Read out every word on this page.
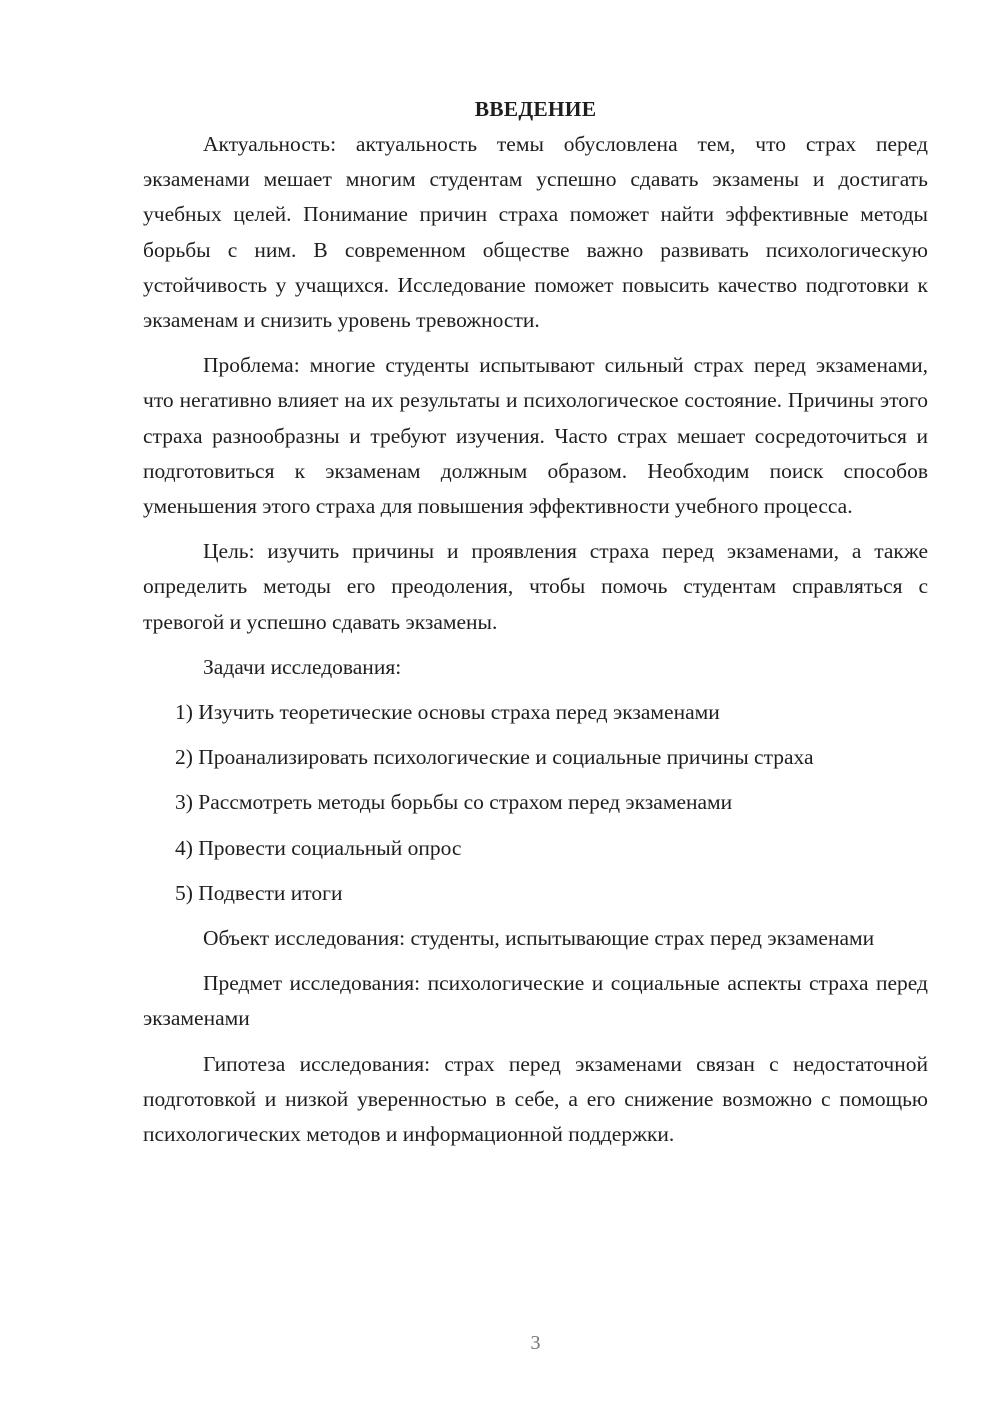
ВВЕДЕНИЕ

Актуальность: актуальность темы обусловлена тем, что страх перед экзаменами мешает многим студентам успешно сдавать экзамены и достигать учебных целей. Понимание причин страха поможет найти эффективные методы борьбы с ним. В современном обществе важно развивать психологическую устойчивость у учащихся. Исследование поможет повысить качество подготовки к экзаменам и снизить уровень тревожности.

Проблема: многие студенты испытывают сильный страх перед экзаменами, что негативно влияет на их результаты и психологическое состояние. Причины этого страха разнообразны и требуют изучения. Часто страх мешает сосредоточиться и подготовиться к экзаменам должным образом. Необходим поиск способов уменьшения этого страха для повышения эффективности учебного процесса.

Цель: изучить причины и проявления страха перед экзаменами, а также определить методы его преодоления, чтобы помочь студентам справляться с тревогой и успешно сдавать экзамены.

Задачи исследования:

1) Изучить теоретические основы страха перед экзаменами
2) Проанализировать психологические и социальные причины страха
3) Рассмотреть методы борьбы со страхом перед экзаменами
4) Провести социальный опрос
5) Подвести итоги

Объект исследования: студенты, испытывающие страх перед экзаменами

Предмет исследования: психологические и социальные аспекты страха перед экзаменами

Гипотеза исследования: страх перед экзаменами связан с недостаточной подготовкой и низкой уверенностью в себе, а его снижение возможно с помощью психологических методов и информационной поддержки.

3
